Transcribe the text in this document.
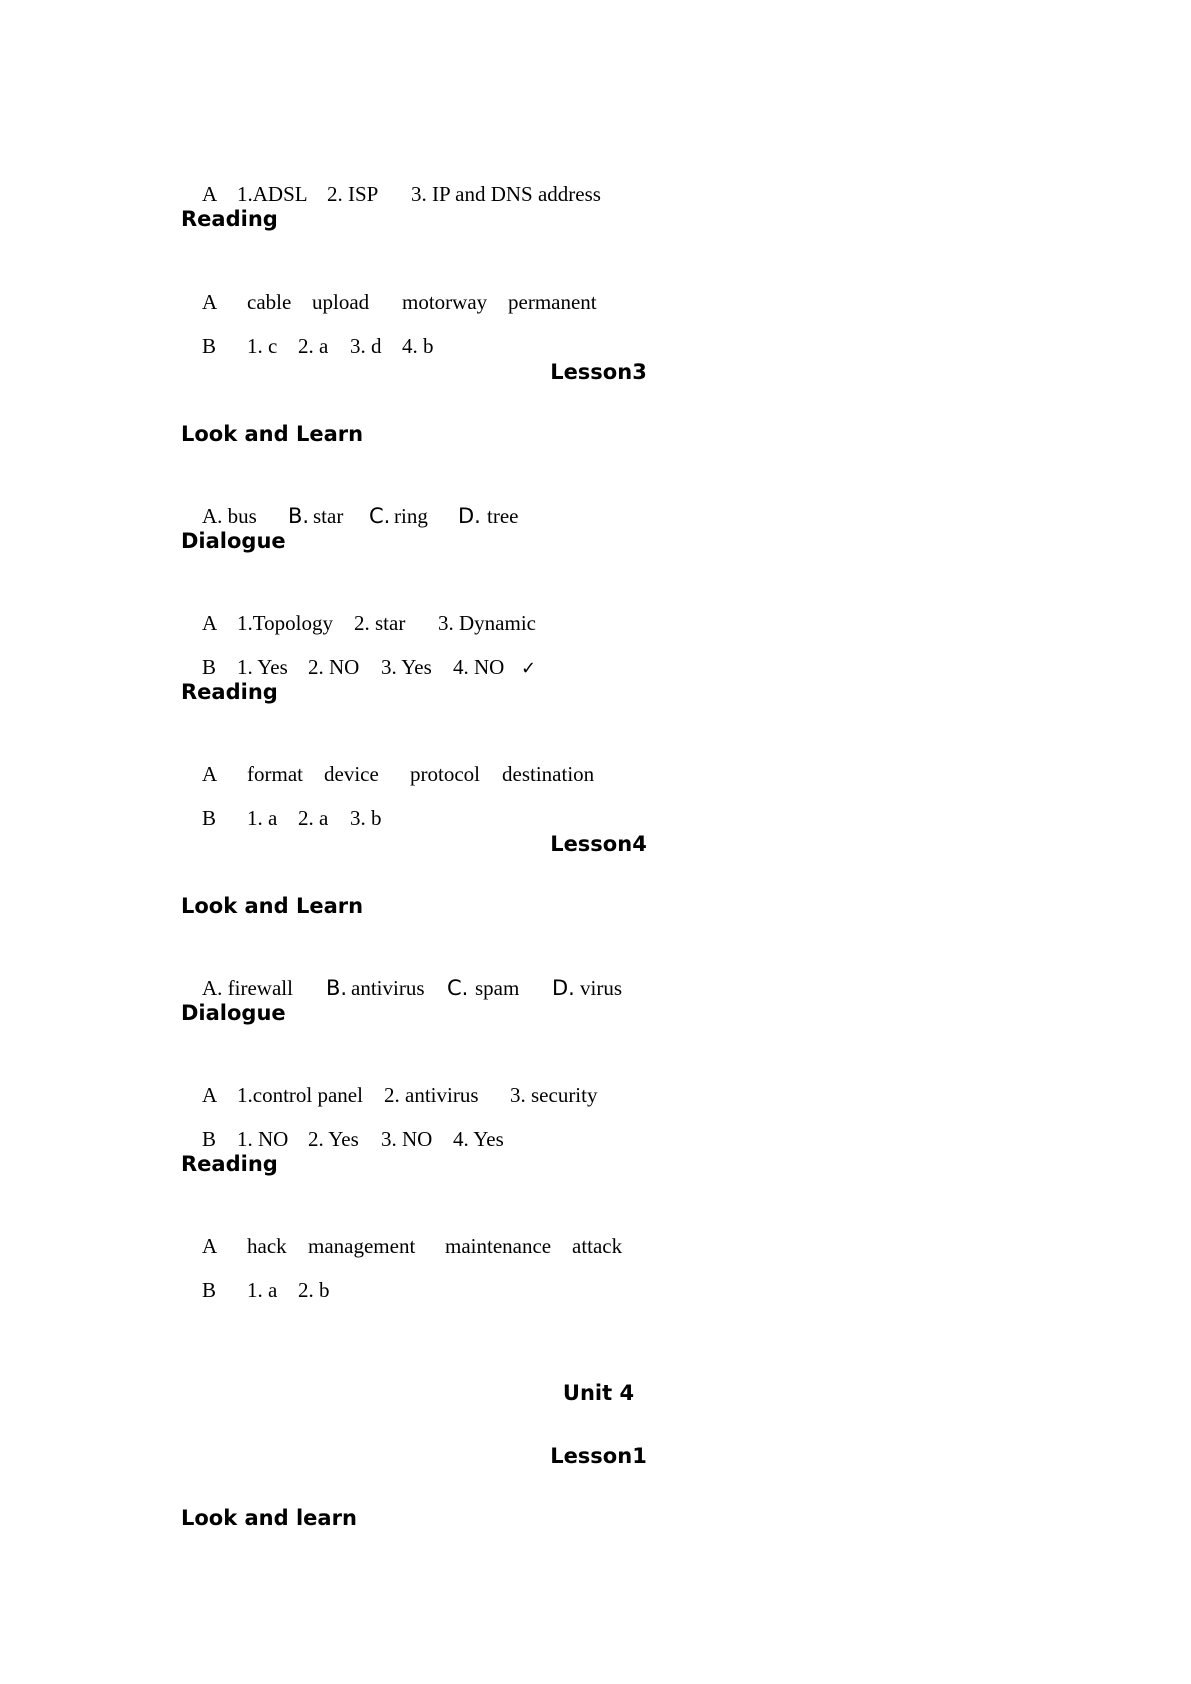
A 1.ADSL 2. ISP 3. IP and DNS address

Reading

A cable upload motorway permanent

B 1. c 2. a 3. d 4. b

Lesson3
Look and Learn

A. bus B. star C. ring D. tree

Dialogue

A 1.Topology 2. star 3. Dynamic

B 1. Yes 2. NO 3. Yes 4. NO ✓

Reading

A format device protocol destination

B 1. a 2. a 3. b

Lesson4
Look and Learn

A. firewall B. antivirus C. spam D. virus

Dialogue

A 1.control panel 2. antivirus 3. security

B 1. NO 2. Yes 3. NO 4. Yes

Reading

A hack management maintenance attack

B 1. a 2. b

Unit 4
Lesson1
Look and learn
